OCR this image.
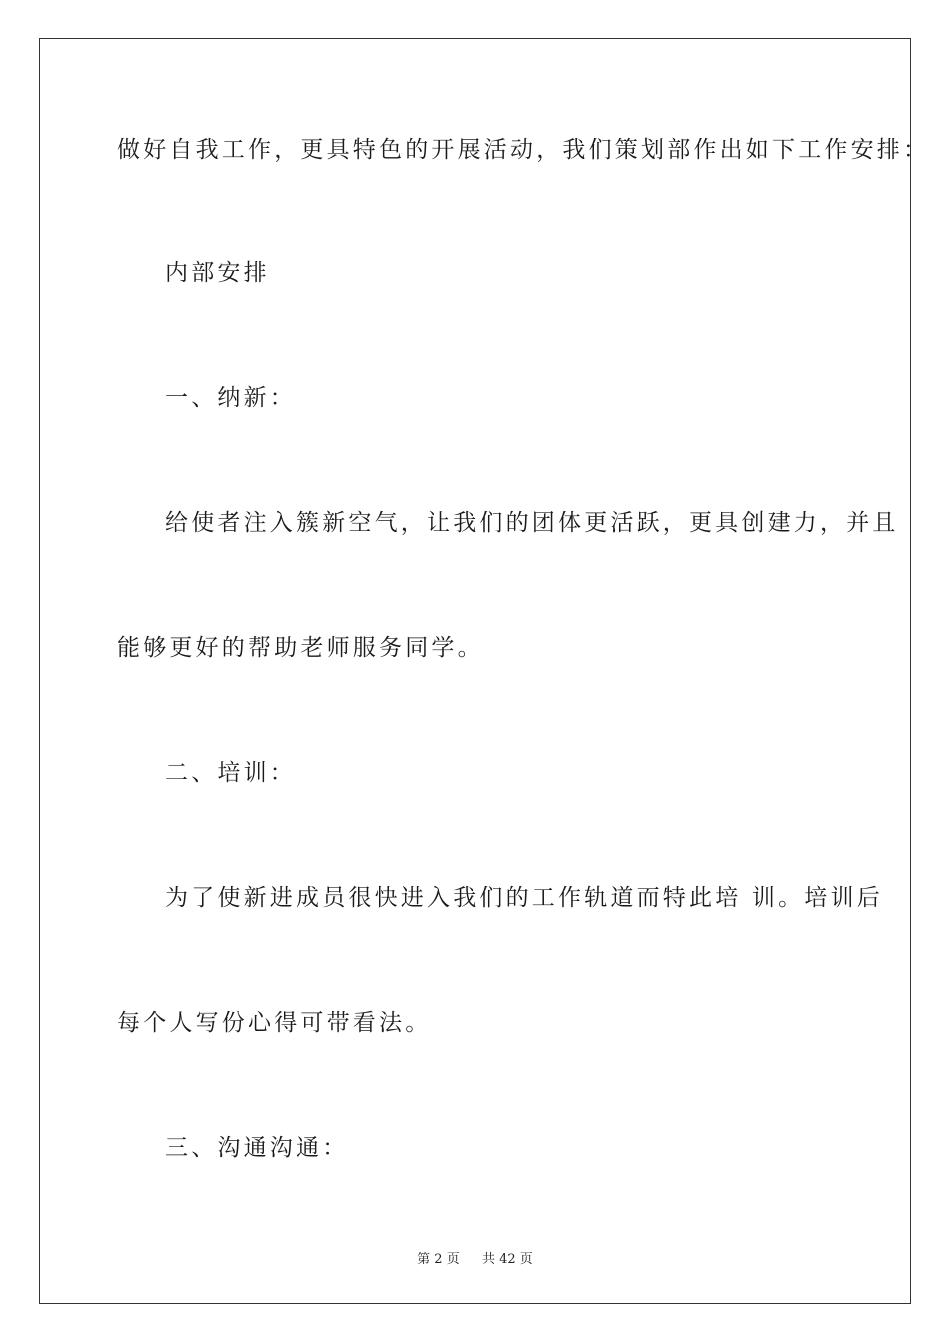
做好自我工作，更具特色的开展活动，我们策划部作出如下工作安排：
内部安排
一、纳新：
给使者注入簇新空气，让我们的团体更活跃，更具创建力，并且
能够更好的帮助老师服务同学。
二、培训：
为了使新进成员很快进入我们的工作轨道而特此培 训。培训后
每个人写份心得可带看法。
三、沟通沟通：
第 2 页 共 42 页
